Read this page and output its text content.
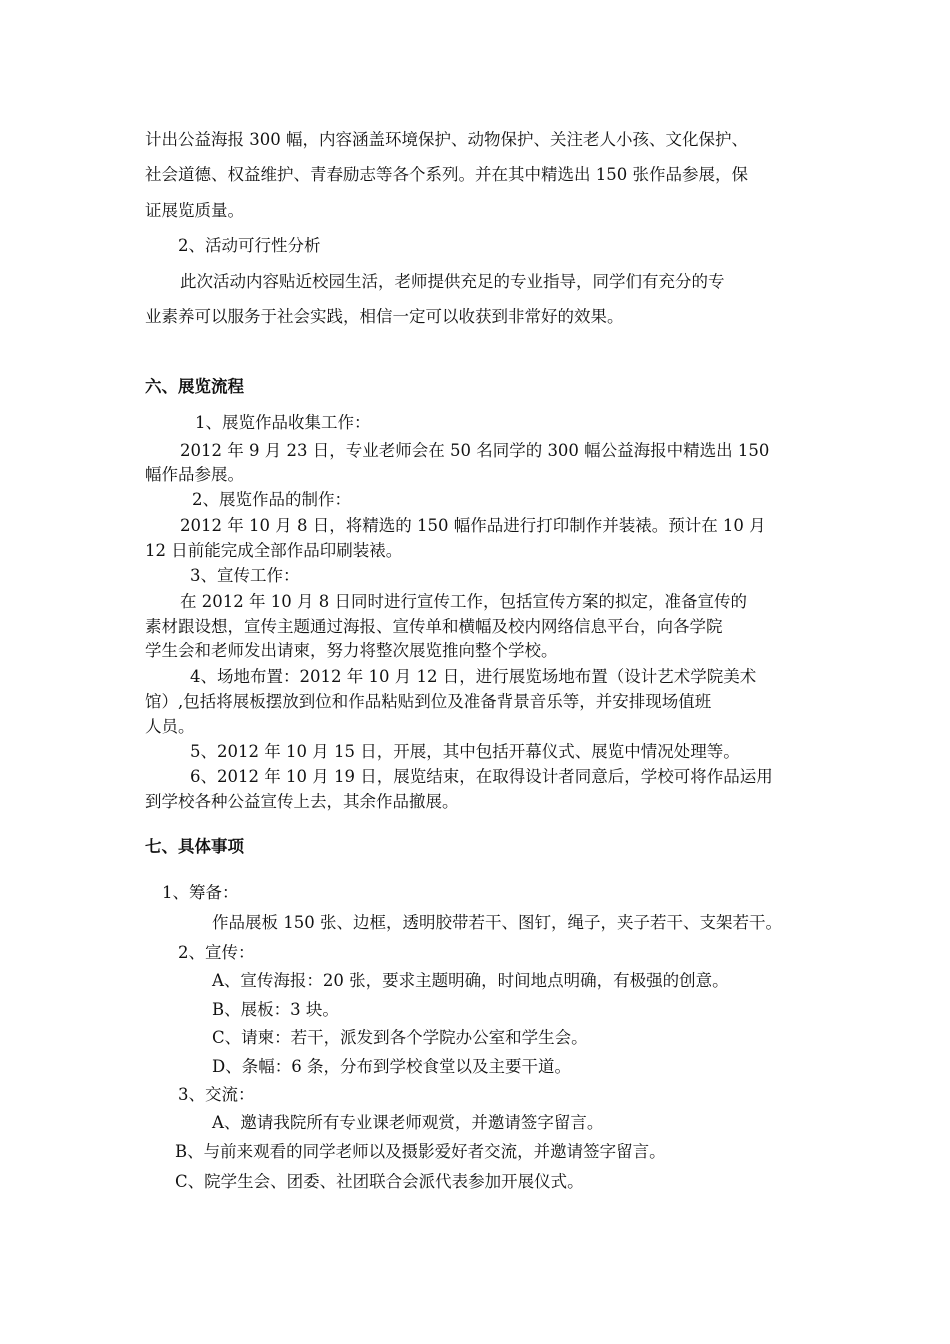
计出公益海报 300 幅，内容涵盖环境保护、动物保护、关注老人小孩、文化保护、
社会道德、权益维护、青春励志等各个系列。并在其中精选出 150 张作品参展，保
证展览质量。
2、活动可行性分析
此次活动内容贴近校园生活，老师提供充足的专业指导，同学们有充分的专
业素养可以服务于社会实践，相信一定可以收获到非常好的效果。
六、展览流程
1、展览作品收集工作：
2012 年 9 月 23 日，专业老师会在 50 名同学的 300 幅公益海报中精选出 150
幅作品参展。
2、展览作品的制作：
2012 年 10 月 8 日，将精选的 150 幅作品进行打印制作并装裱。预计在 10 月
12 日前能完成全部作品印刷装裱。
3、宣传工作：
在 2012 年 10 月 8 日同时进行宣传工作，包括宣传方案的拟定，准备宣传的
素材跟设想，宣传主题通过海报、宣传单和横幅及校内网络信息平台，向各学院
学生会和老师发出请柬，努力将整次展览推向整个学校。
4、场地布置：2012 年 10 月 12 日，进行展览场地布置（设计艺术学院美术
馆）,包括将展板摆放到位和作品粘贴到位及准备背景音乐等，并安排现场值班
人员。
5、2012 年 10 月 15 日，开展，其中包括开幕仪式、展览中情况处理等。
6、2012 年 10 月 19 日，展览结束，在取得设计者同意后，学校可将作品运用
到学校各种公益宣传上去，其余作品撤展。
七、具体事项
1、筹备：
作品展板 150 张、边框，透明胶带若干、图钉，绳子，夹子若干、支架若干。
2、宣传：
A、宣传海报：20 张，要求主题明确，时间地点明确，有极强的创意。
B、展板：3 块。
C、请柬：若干，派发到各个学院办公室和学生会。
D、条幅：6 条，分布到学校食堂以及主要干道。
3、交流：
A、邀请我院所有专业课老师观赏，并邀请签字留言。
B、与前来观看的同学老师以及摄影爱好者交流，并邀请签字留言。
C、院学生会、团委、社团联合会派代表参加开展仪式。
